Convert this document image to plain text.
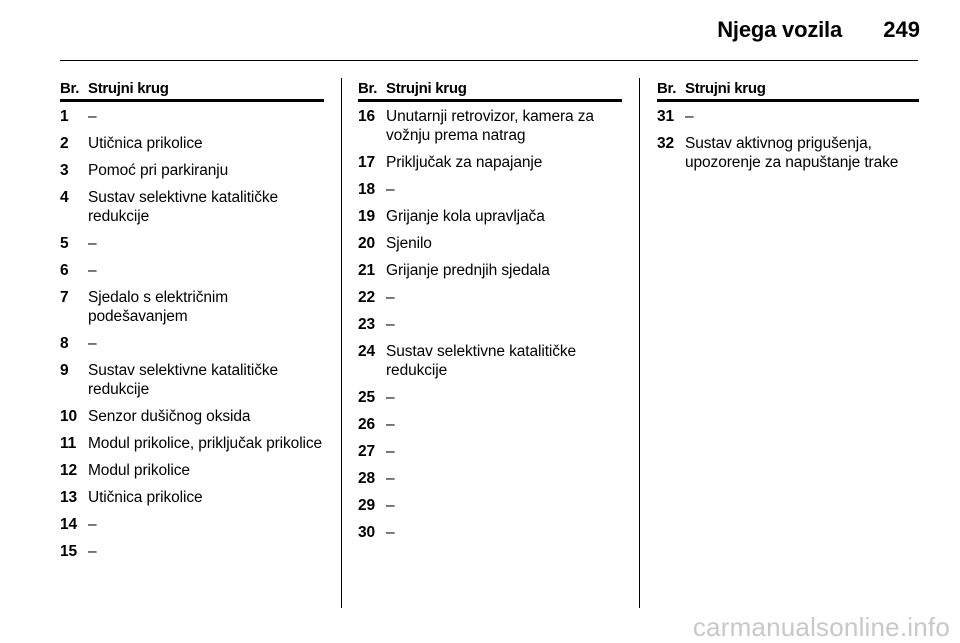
Njega vozila 249
Br. Strujni krug
1	–
2	Utičnica prikolice
3	Pomoć pri parkiranju
4	Sustav selektivne katalitičke redukcije
5	–
6	–
7	Sjedalo s električnim podešavanjem
8	–
9	Sustav selektivne katalitičke redukcije
10 Senzor dušičnog oksida
11 Modul prikolice, priključak prikolice
12 Modul prikolice
13 Utičnica prikolice
14 –
15 –
Br. Strujni krug
16 Unutarnji retrovizor, kamera za vožnju prema natrag
17 Priključak za napajanje
18 –
19 Grijanje kola upravljača
20 Sjenilo
21 Grijanje prednjih sjedala
22 –
23 –
24 Sustav selektivne katalitičke redukcije
25 –
26 –
27 –
28 –
29 –
30 –
Br. Strujni krug
31 –
32 Sustav aktivnog prigušenja, upozorenje za napuštanje trake
carmanualsonline.info
